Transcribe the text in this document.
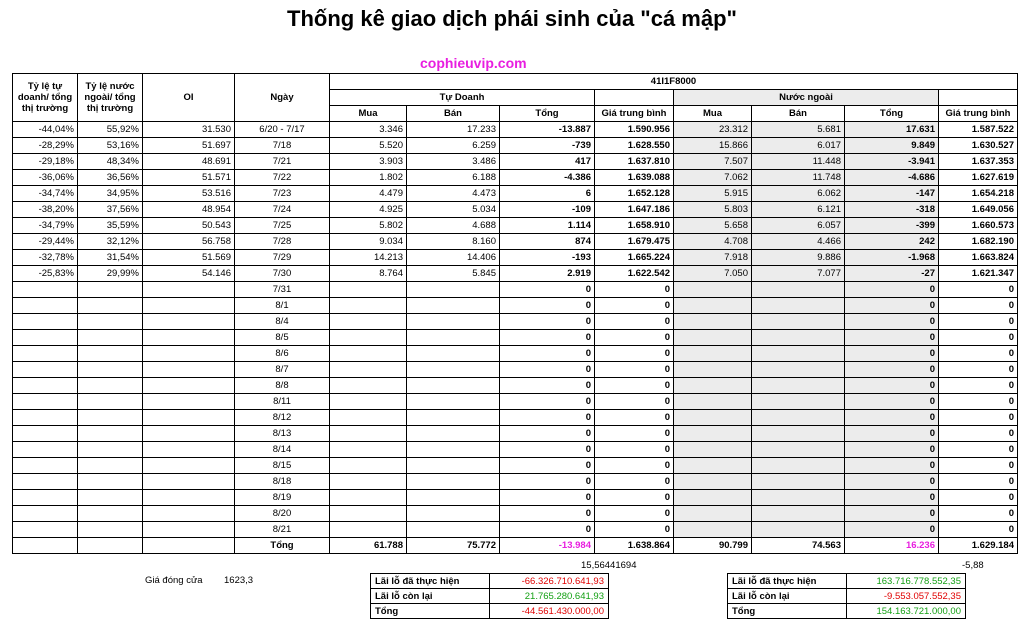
Thống kê giao dịch phái sinh của "cá mập"
cophieuvip.com
Tỷ lệ tự doanh/ tổng thị trường	Tỷ lệ nước ngoài/ tổng thị trường	OI	Ngày	41I1F8000							
				Tự Doanh				Nước ngoài			
				Mua	Bán	Tổng	Giá trung bình	Mua	Bán	Tổng	Giá trung bình
-44,04%	55,92%	31.530	6/20 - 7/17	3.346	17.233	-13.887	1.590.956	23.312	5.681	17.631	1.587.522
-28,29%	53,16%	51.697	7/18	5.520	6.259	-739	1.628.550	15.866	6.017	9.849	1.630.527
-29,18%	48,34%	48.691	7/21	3.903	3.486	417	1.637.810	7.507	11.448	-3.941	1.637.353
-36,06%	36,56%	51.571	7/22	1.802	6.188	-4.386	1.639.088	7.062	11.748	-4.686	1.627.619
-34,74%	34,95%	53.516	7/23	4.479	4.473	6	1.652.128	5.915	6.062	-147	1.654.218
-38,20%	37,56%	48.954	7/24	4.925	5.034	-109	1.647.186	5.803	6.121	-318	1.649.056
-34,79%	35,59%	50.543	7/25	5.802	4.688	1.114	1.658.910	5.658	6.057	-399	1.660.573
-29,44%	32,12%	56.758	7/28	9.034	8.160	874	1.679.475	4.708	4.466	242	1.682.190
-32,78%	31,54%	51.569	7/29	14.213	14.406	-193	1.665.224	7.918	9.886	-1.968	1.663.824
-25,83%	29,99%	54.146	7/30	8.764	5.845	2.919	1.622.542	7.050	7.077	-27	1.621.347
			7/31			0	0			0	0
			8/1			0	0			0	0
			8/4			0	0			0	0
			8/5			0	0			0	0
			8/6			0	0			0	0
			8/7			0	0			0	0
			8/8			0	0			0	0
			8/11			0	0			0	0
			8/12			0	0			0	0
			8/13			0	0			0	0
			8/14			0	0			0	0
			8/15			0	0			0	0
			8/18			0	0			0	0
			8/19			0	0			0	0
			8/20			0	0			0	0
			8/21			0	0			0	0
			Tổng	61.788	75.772	-13.984	1.638.864	90.799	74.563	16.236	1.629.184
15,56441694	-5,88
Giá đóng cửa 1623,3	Lãi lỗ đã thực hiện	-66.326.710.641,93
Lãi lỗ còn lại	21.765.280.641,93
Tổng	-44.561.430.000,00
Lãi lỗ đã thực hiện	163.716.778.552,35
Lãi lỗ còn lại	-9.553.057.552,35
Tổng	154.163.721.000,00
